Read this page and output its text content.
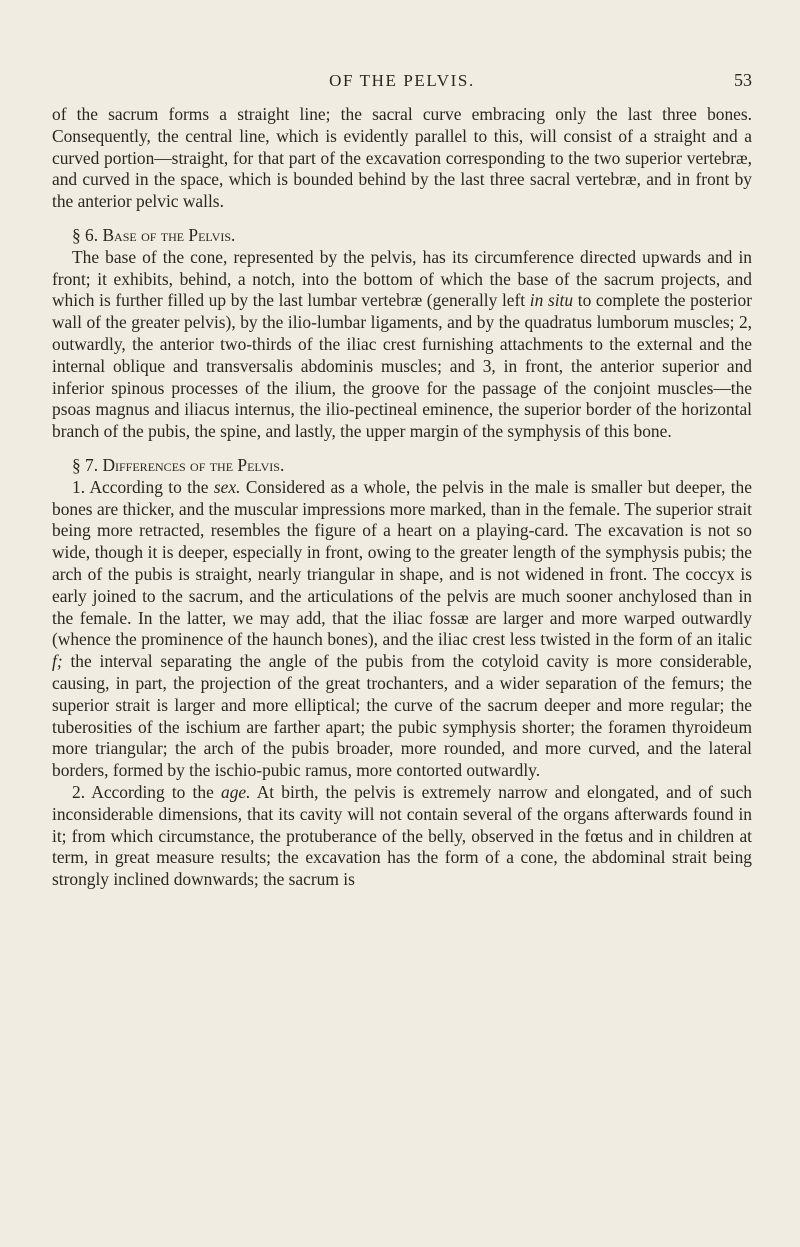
OF THE PELVIS.	53

of the sacrum forms a straight line; the sacral curve embracing only the last three bones. Consequently, the central line, which is evidently parallel to this, will consist of a straight and a curved portion—straight, for that part of the excavation corresponding to the two superior vertebræ, and curved in the space, which is bounded behind by the last three sacral vertebræ, and in front by the anterior pelvic walls.

§ 6. Base of the Pelvis.

The base of the cone, represented by the pelvis, has its circumference directed upwards and in front; it exhibits, behind, a notch, into the bottom of which the base of the sacrum projects, and which is further filled up by the last lumbar vertebræ (generally left in situ to complete the posterior wall of the greater pelvis), by the ilio-lumbar ligaments, and by the quadratus lumborum muscles; 2, outwardly, the anterior two-thirds of the iliac crest furnishing attachments to the external and the internal oblique and transversalis abdominis muscles; and 3, in front, the anterior superior and inferior spinous processes of the ilium, the groove for the passage of the conjoint muscles—the psoas magnus and iliacus internus, the ilio-pectineal eminence, the superior border of the horizontal branch of the pubis, the spine, and lastly, the upper margin of the symphysis of this bone.

§ 7. Differences of the Pelvis.

1. According to the sex. Considered as a whole, the pelvis in the male is smaller but deeper, the bones are thicker, and the muscular impressions more marked, than in the female. The superior strait being more retracted, resembles the figure of a heart on a playing-card. The excavation is not so wide, though it is deeper, especially in front, owing to the greater length of the symphysis pubis; the arch of the pubis is straight, nearly triangular in shape, and is not widened in front. The coccyx is early joined to the sacrum, and the articulations of the pelvis are much sooner anchylosed than in the female. In the latter, we may add, that the iliac fossæ are larger and more warped outwardly (whence the prominence of the haunch bones), and the iliac crest less twisted in the form of an italic f; the interval separating the angle of the pubis from the cotyloid cavity is more considerable, causing, in part, the projection of the great trochanters, and a wider separation of the femurs; the superior strait is larger and more elliptical; the curve of the sacrum deeper and more regular; the tuberosities of the ischium are farther apart; the pubic symphysis shorter; the foramen thyroideum more triangular; the arch of the pubis broader, more rounded, and more curved, and the lateral borders, formed by the ischio-pubic ramus, more contorted outwardly.

2. According to the age. At birth, the pelvis is extremely narrow and elongated, and of such inconsiderable dimensions, that its cavity will not contain several of the organs afterwards found in it; from which circumstance, the protuberance of the belly, observed in the fœtus and in children at term, in great measure results; the excavation has the form of a cone, the abdominal strait being strongly inclined downwards; the sacrum is
